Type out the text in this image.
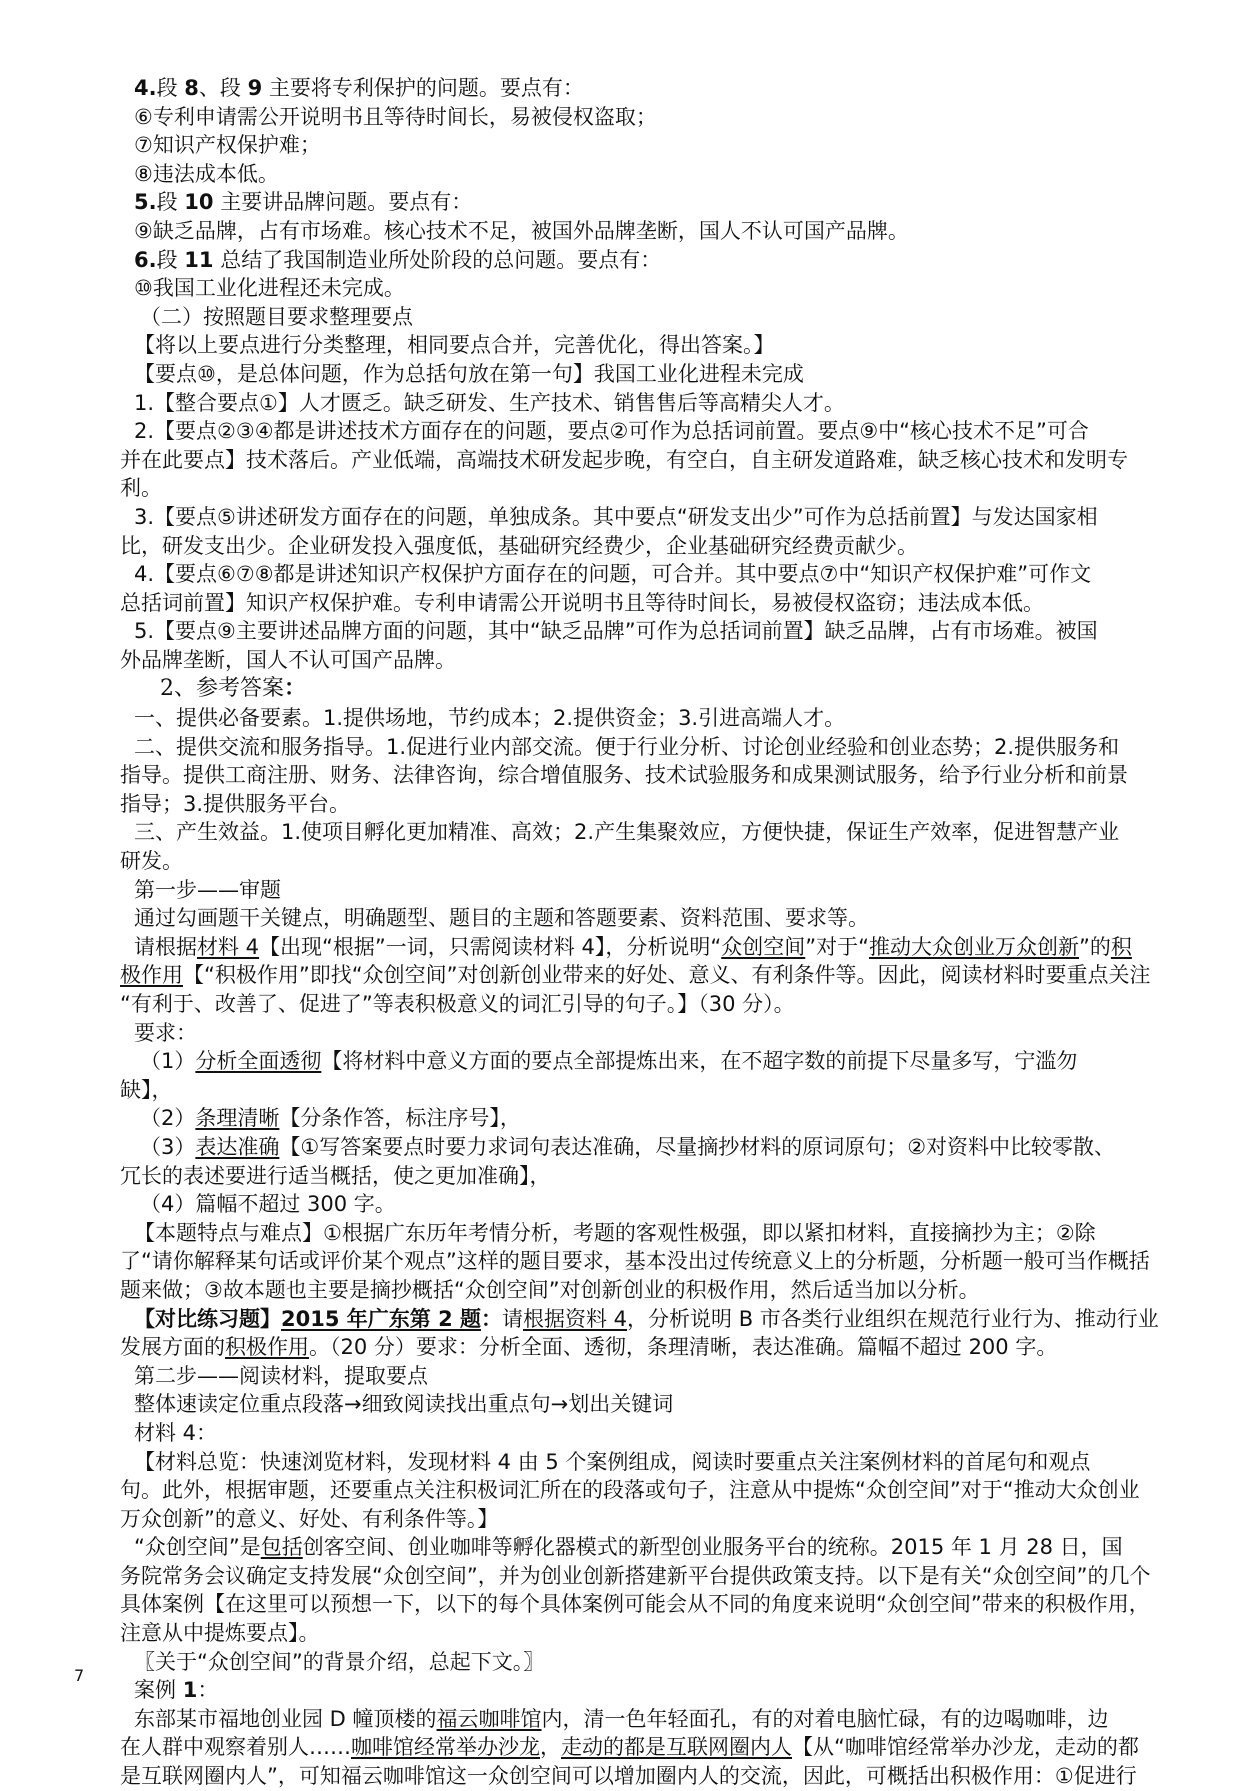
4.段 8、段 9 主要将专利保护的问题。要点有：
⑥专利申请需公开说明书且等待时间长，易被侵权盗取；
⑦知识产权保护难；
⑧违法成本低。
5.段 10 主要讲品牌问题。要点有：
⑨缺乏品牌，占有市场难。核心技术不足，被国外品牌垄断，国人不认可国产品牌。
6.段 11 总结了我国制造业所处阶段的总问题。要点有：
⑩我国工业化进程还未完成。
（二）按照题目要求整理要点
【将以上要点进行分类整理，相同要点合并，完善优化，得出答案。】
【要点⑩，是总体问题，作为总括句放在第一句】我国工业化进程未完成
1.【整合要点①】人才匮乏。缺乏研发、生产技术、销售售后等高精尖人才。
2.【要点②③④都是讲述技术方面存在的问题，要点②可作为总括词前置。要点⑨中“核心技术不足”可合
并在此要点】技术落后。产业低端，高端技术研发起步晚，有空白，自主研发道路难，缺乏核心技术和发明专
利。
3.【要点⑤讲述研发方面存在的问题，单独成条。其中要点“研发支出少”可作为总括前置】与发达国家相
比，研发支出少。企业研发投入强度低，基础研究经费少，企业基础研究经费贡献少。
4.【要点⑥⑦⑧都是讲述知识产权保护方面存在的问题，可合并。其中要点⑦中“知识产权保护难”可作文
总括词前置】知识产权保护难。专利申请需公开说明书且等待时间长，易被侵权盗窃；违法成本低。
5.【要点⑨主要讲述品牌方面的问题，其中“缺乏品牌”可作为总括词前置】缺乏品牌，占有市场难。被国
外品牌垄断，国人不认可国产品牌。
2、参考答案：
一、提供必备要素。1.提供场地，节约成本；2.提供资金；3.引进高端人才。
二、提供交流和服务指导。1.促进行业内部交流。便于行业分析、讨论创业经验和创业态势；2.提供服务和
指导。提供工商注册、财务、法律咨询，综合增值服务、技术试验服务和成果测试服务，给予行业分析和前景
指导；3.提供服务平台。
三、产生效益。1.使项目孵化更加精准、高效；2.产生集聚效应，方便快捷，保证生产效率，促进智慧产业
研发。
第一步——审题
通过勾画题干关键点，明确题型、题目的主题和答题要素、资料范围、要求等。
请根据材料 4【出现“根据”一词，只需阅读材料 4】，分析说明“众创空间”对于“推动大众创业万众创新”的积
极作用【“积极作用”即找“众创空间”对创新创业带来的好处、意义、有利条件等。因此，阅读材料时要重点关注
“有利于、改善了、促进了”等表积极意义的词汇引导的句子。】（30 分）。
要求：
（1）分析全面透彻【将材料中意义方面的要点全部提炼出来，在不超字数的前提下尽量多写，宁滥勿
缺】，
（2）条理清晰【分条作答，标注序号】，
（3）表达准确【①写答案要点时要力求词句表达准确，尽量摘抄材料的原词原句；②对资料中比较零散、
冗长的表述要进行适当概括，使之更加准确】，
（4）篇幅不超过 300 字。
【本题特点与难点】①根据广东历年考情分析，考题的客观性极强，即以紧扣材料，直接摘抄为主；②除
了“请你解释某句话或评价某个观点”这样的题目要求，基本没出过传统意义上的分析题，分析题一般可当作概括
题来做；③故本题也主要是摘抄概括“众创空间”对创新创业的积极作用，然后适当加以分析。
【对比练习题】2015 年广东第 2 题：请根据资料 4，分析说明 B 市各类行业组织在规范行业行为、推动行业
发展方面的积极作用。（20 分）要求：分析全面、透彻，条理清晰，表达准确。篇幅不超过 200 字。
第二步——阅读材料，提取要点
整体速读定位重点段落→细致阅读找出重点句→划出关键词
材料 4：
【材料总览：快速浏览材料，发现材料 4 由 5 个案例组成，阅读时要重点关注案例材料的首尾句和观点
句。此外，根据审题，还要重点关注积极词汇所在的段落或句子，注意从中提炼“众创空间”对于“推动大众创业
万众创新”的意义、好处、有利条件等。】
“众创空间”是包括创客空间、创业咖啡等孵化器模式的新型创业服务平台的统称。2015 年 1 月 28 日，国
务院常务会议确定支持发展“众创空间”，并为创业创新搭建新平台提供政策支持。以下是有关“众创空间”的几个
具体案例【在这里可以预想一下，以下的每个具体案例可能会从不同的角度来说明“众创空间”带来的积极作用，
注意从中提炼要点】。
〖关于“众创空间”的背景介绍，总起下文。〗
案例 1：
东部某市福地创业园 D 幢顶楼的福云咖啡馆内，清一色年轻面孔，有的对着电脑忙碌，有的边喝咖啡，边
在人群中观察着别人……咖啡馆经常举办沙龙，走动的都是互联网圈内人【从“咖啡馆经常举办沙龙，走动的都
是互联网圈内人”，可知福云咖啡馆这一众创空间可以增加圈内人的交流，因此，可概括出积极作用：①促进行
7
